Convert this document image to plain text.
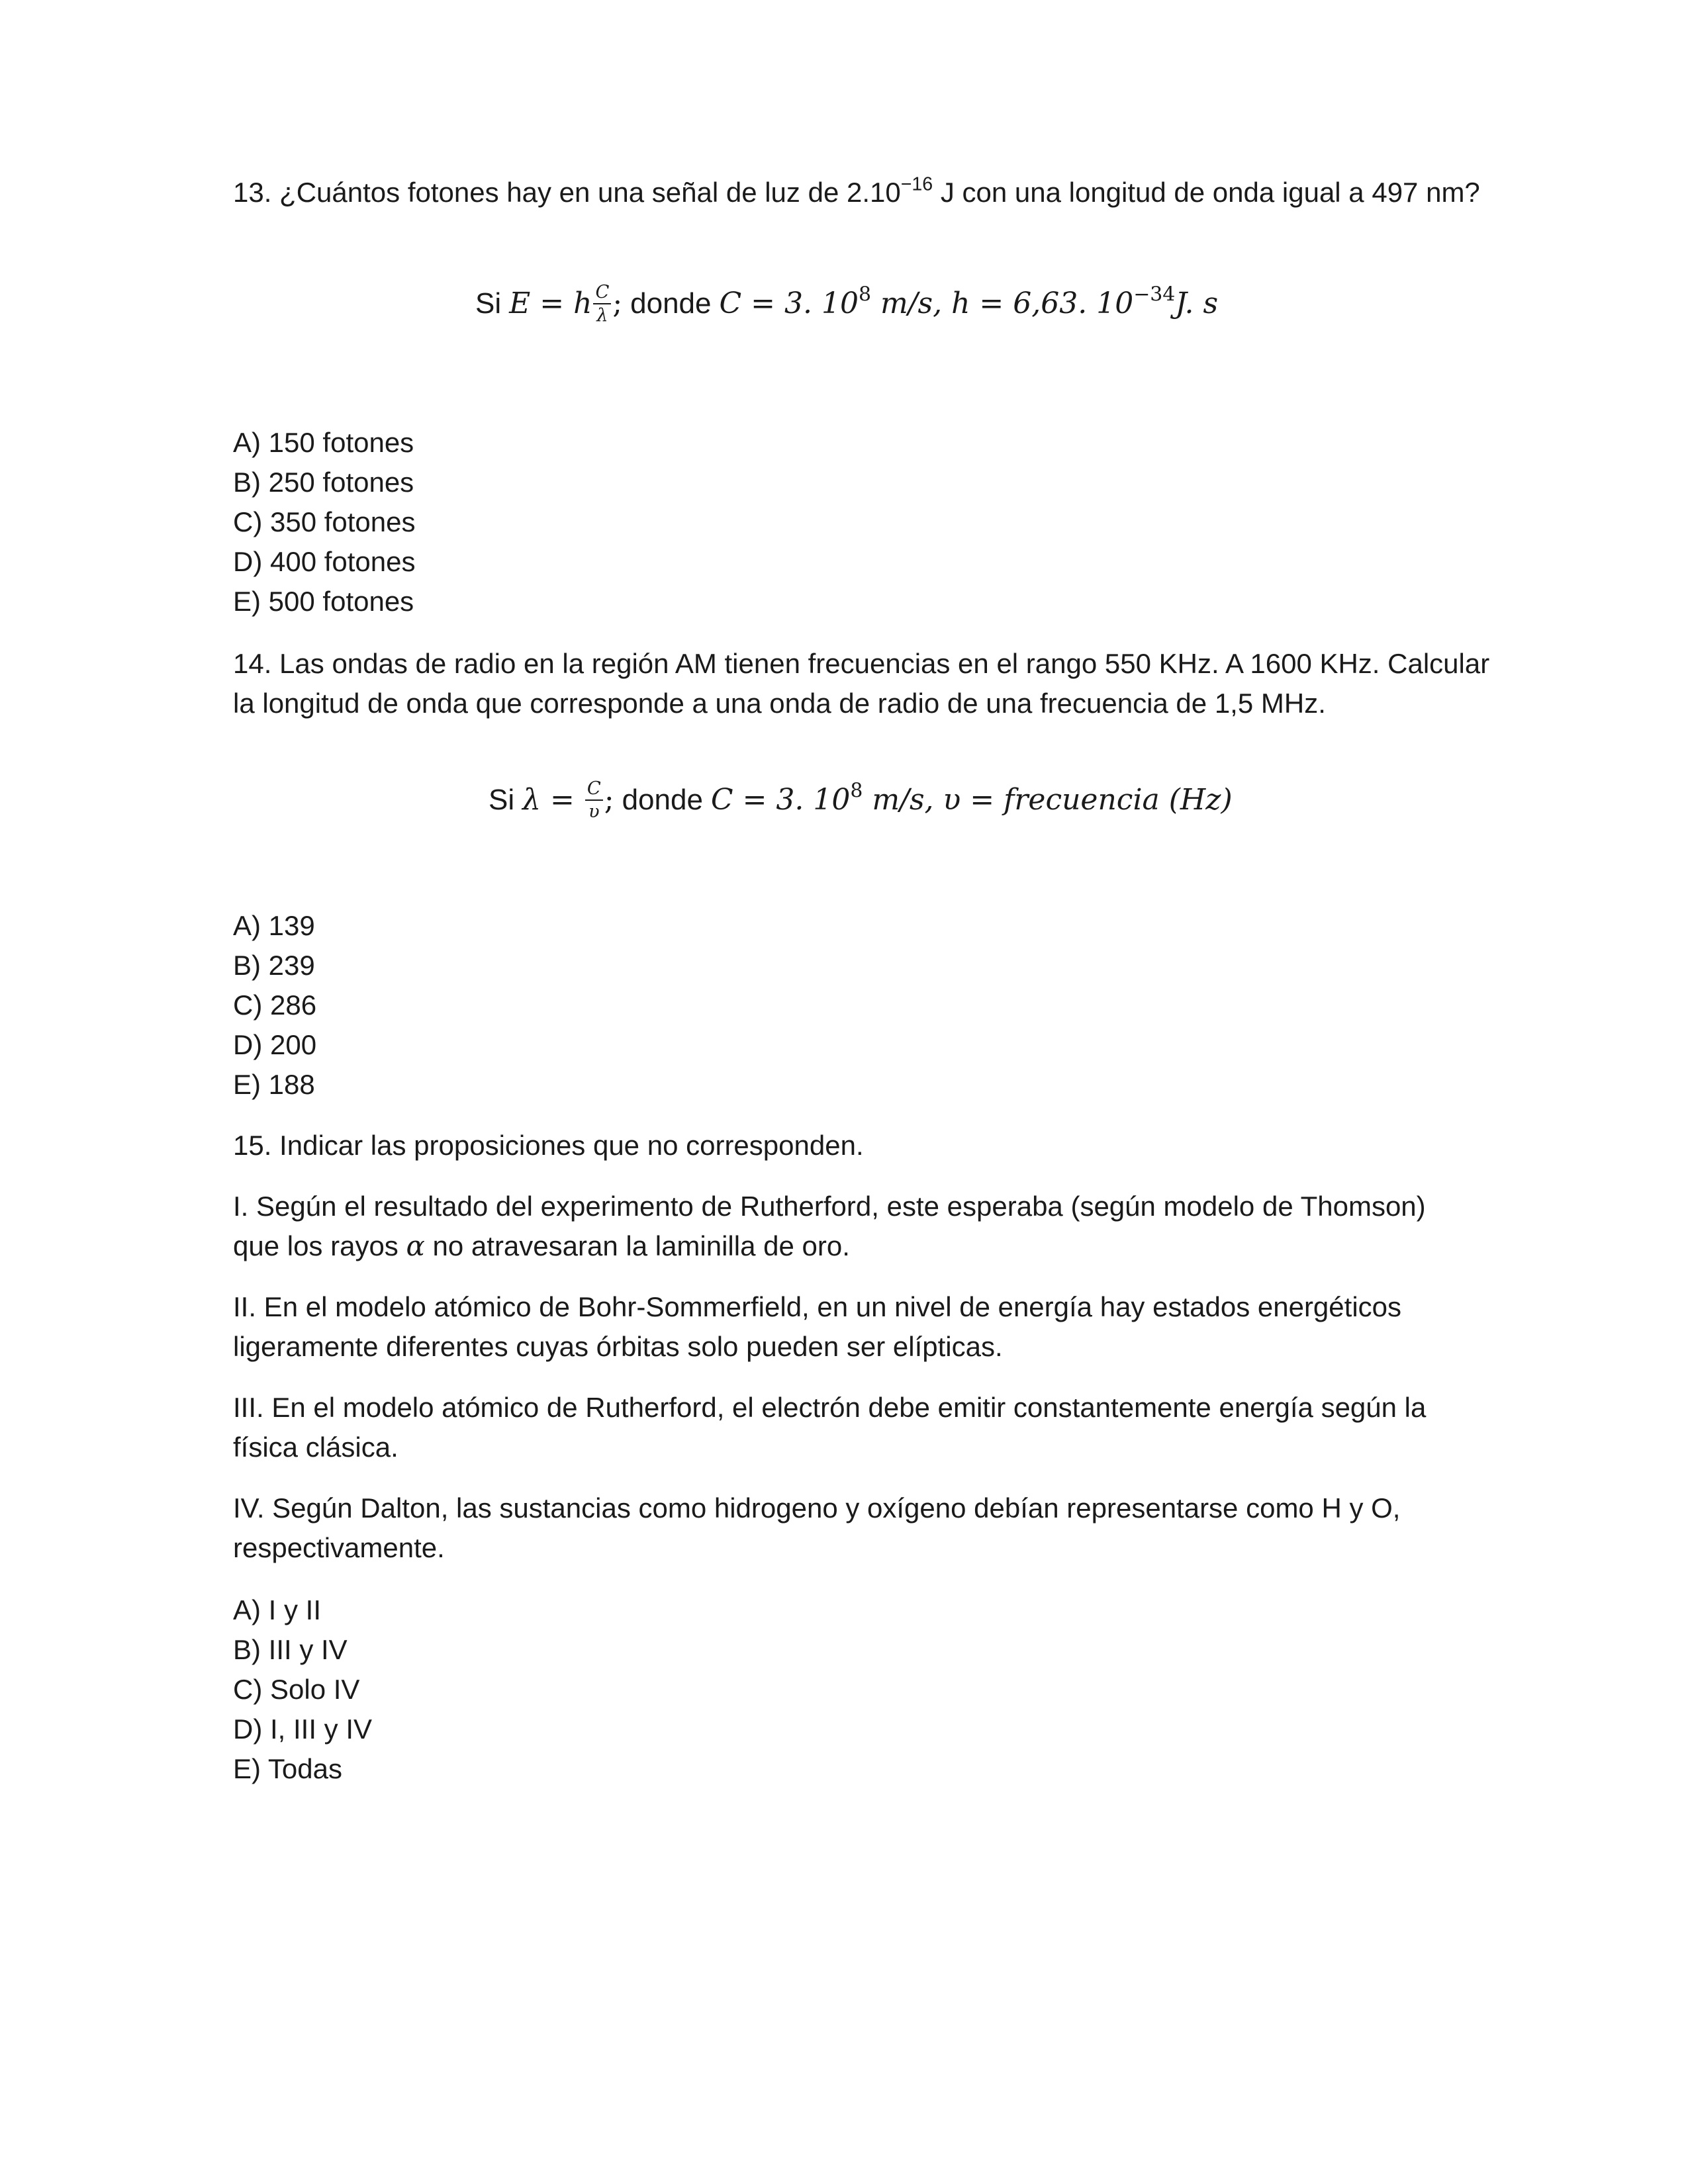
13. ¿Cuántos fotones hay en una señal de luz de $2.10^{-16}$ J con una longitud de onda igual a 497 nm?
Si E = h $\frac{C}{\lambda}$ ; donde C = 3. $10^8$ m/s, h = 6,63. $10^{-34}J$. s
A) 150 fotones
B) 250 fotones
C) 350 fotones
D) 400 fotones
E) 500 fotones
14. Las ondas de radio en la región AM tienen frecuencias en el rango 550 KHz. A 1600 KHz. Calcular
la longitud de onda que corresponde a una onda de radio de una frecuencia de 1,5 MHz.
Si $\lambda = \frac{C}{\upsilon}$ ; donde C = 3. $10^8$ m/s, υ = frecuencia (Hz)
A) 139
B) 239
C) 286
D) 200
E) 188
15. Indicar las proposiciones que no corresponden.
I. Según el resultado del experimento de Rutherford, este esperaba (según modelo de Thomson)
que los rayos α no atravesaran la laminilla de oro.
II. En el modelo atómico de Bohr-Sommerfield, en un nivel de energía hay estados energéticos
ligeramente diferentes cuyas órbitas solo pueden ser elípticas.
III. En el modelo atómico de Rutherford, el electrón debe emitir constantemente energía según la
física clásica.
IV. Según Dalton, las sustancias como hidrogeno y oxígeno debían representarse como H y O,
respectivamente.
A) I y II
B) III y IV
C) Solo IV
D) I, III y IV
E) Todas
